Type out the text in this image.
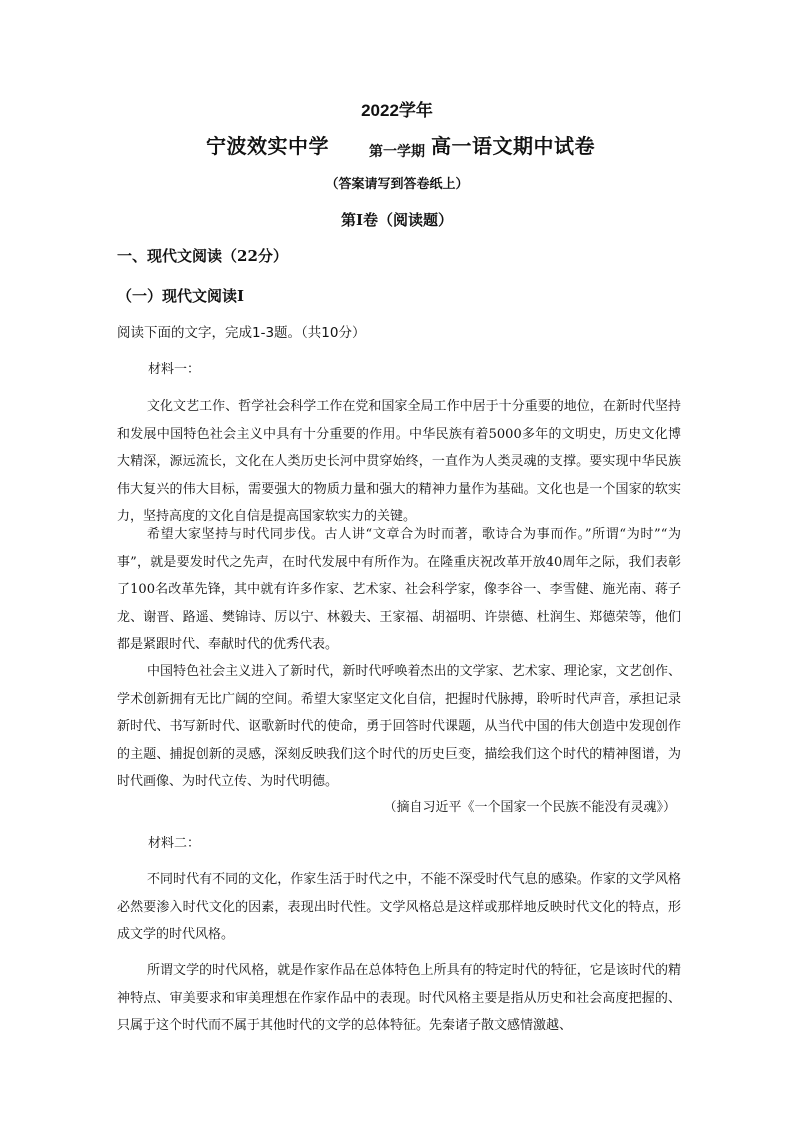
2022学年
宁波效实中学	第一学期 高一语文期中试卷
（答案请写到答卷纸上）
第Ⅰ卷（阅读题）
一、现代文阅读（22分）
（一）现代文阅读Ⅰ
阅读下面的文字，完成1-3题。（共10分）
材料一：

文化文艺工作、哲学社会科学工作在党和国家全局工作中居于十分重要的地位，在新时代坚持和发展中国特色社会主义中具有十分重要的作用。中华民族有着5000多年的文明史，历史文化博大精深，源远流长，文化在人类历史长河中贯穿始终，一直作为人类灵魂的支撑。要实现中华民族伟大复兴的伟大目标，需要强大的物质力量和强大的精神力量作为基础。文化也是一个国家的软实力，坚持高度的文化自信是提高国家软实力的关键。

希望大家坚持与时代同步伐。古人讲“文章合为时而著，歌诗合为事而作。”所谓“为时”“为事”，就是要发时代之先声，在时代发展中有所作为。在隆重庆祝改革开放40周年之际，我们表彰了100名改革先锋，其中就有许多作家、艺术家、社会科学家，像李谷一、李雪健、施光南、蒋子龙、谢晋、路遥、樊锦诗、厉以宁、林毅夫、王家福、胡福明、许崇德、杜润生、郑德荣等，他们都是紧跟时代、奉献时代的优秀代表。

中国特色社会主义进入了新时代，新时代呼唤着杰出的文学家、艺术家、理论家，文艺创作、学术创新拥有无比广阔的空间。希望大家坚定文化自信，把握时代脉搏，聆听时代声音，承担记录新时代、书写新时代、讴歌新时代的使命，勇于回答时代课题，从当代中国的伟大创造中发现创作的主题、捕捉创新的灵感，深刻反映我们这个时代的历史巨变，描绘我们这个时代的精神图谱，为时代画像、为时代立传、为时代明德。

（摘自习近平《一个国家一个民族不能没有灵魂》）
材料二：

不同时代有不同的文化，作家生活于时代之中，不能不深受时代气息的感染。作家的文学风格必然要渗入时代文化的因素，表现出时代性。文学风格总是这样或那样地反映时代文化的特点，形成文学的时代风格。

所谓文学的时代风格，就是作家作品在总体特色上所具有的特定时代的特征，它是该时代的精神特点、审美要求和审美理想在作家作品中的表现。时代风格主要是指从历史和社会高度把握的、只属于这个时代而不属于其他时代的文学的总体特征。先秦诸子散文感情激越、
